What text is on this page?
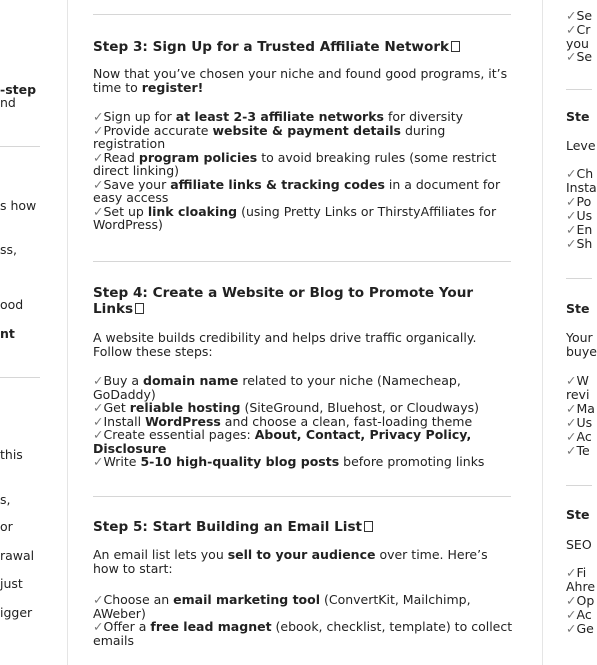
-step
nd
s how
ss,
ood
nt
this
s,
or
rawal
just
igger
Step 3: Sign Up for a Trusted Affiliate Network

Now that you’ve chosen your niche and found good programs, it’s time to register!

✓Sign up for at least 2-3 affiliate networks for diversity
✓Provide accurate website & payment details during registration
✓Read program policies to avoid breaking rules (some restrict direct linking)
✓Save your affiliate links & tracking codes in a document for easy access
✓Set up link cloaking (using Pretty Links or ThirstyAffiliates for WordPress)
Step 4: Create a Website or Blog to Promote Your Links

A website builds credibility and helps drive traffic organically. Follow these steps:

✓Buy a domain name related to your niche (Namecheap, GoDaddy)
✓Get reliable hosting (SiteGround, Bluehost, or Cloudways)
✓Install WordPress and choose a clean, fast-loading theme
✓Create essential pages: About, Contact, Privacy Policy, Disclosure
✓Write 5-10 high-quality blog posts before promoting links
Step 5: Start Building an Email List

An email list lets you sell to your audience over time. Here’s how to start:

✓Choose an email marketing tool (ConvertKit, Mailchimp, AWeber)
✓Offer a free lead magnet (ebook, checklist, template) to collect emails
✓Se
✓Cr
you
✓Se
Ste
Leve
✓Ch
Insta
✓Po
✓Us
✓En
✓Sh
Ste
Your
buye
✓W
revi
✓Ma
✓Us
✓Ac
✓Te
Ste
SEO
✓Fi
Ahre
✓Op
✓Ac
✓Ge
